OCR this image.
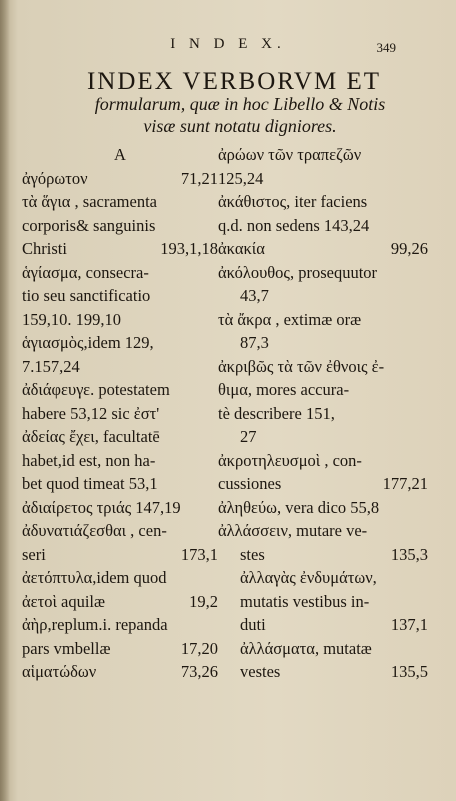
I N D E X.	349
INDEX VERBORVM ET
formularum, quæ in hoc Libello & Notis
visæ sunt notatu digniores.
A
ἀγόρωτον	71,21
τὰ ἅγια , sacramenta
corporis& sanguinis
Christi	193,1,18
ἁγίασμα, consecra-
tio seu sanctificatio
159,10. 199,10
ἁγιασμὸς,idem 129,
7.157,24
ἀδιάφευγε. potestatem
habere 53,12 sic ἐστ'
ἀδείας ἔχει, facultatē
habet,id est, non ha-
bet quod timeat 53,1
ἀδιαίρετος τριάς 147,19
ἀδυνατιάζεσθαι , cen-
seri	173,1
ἀετόπτυλα,idem quod
ἀετοὶ aquilæ	19,2
ἀὴρ,replum.i. repanda
pars vmbellæ	17,20
αἱματώδων	73,26
ἀρώων τῶν τραπεζῶν
125,24
ἀκάθιστος, iter faciens
q.d. non sedens 143,24
ἀκακία	99,26
ἀκόλουθος, prosequutor
43,7
τὰ ἄκρα , extimæ oræ
87,3
ἀκριβῶς τὰ τῶν ἐθνοις ἐ-
θιμα, mores accura-
tè describere 151,
27
ἀκροτηλευσμοὶ , con-
cussiones	177,21
ἀληθεύω, vera dico 55,8
ἀλλάσσειν, mutare ve-
stes	135,3
ἀλλαγὰς ἐνδυμάτων,
mutatis vestibus in-
duti	137,1
ἀλλάσματα, mutatæ
vestes	135,5
